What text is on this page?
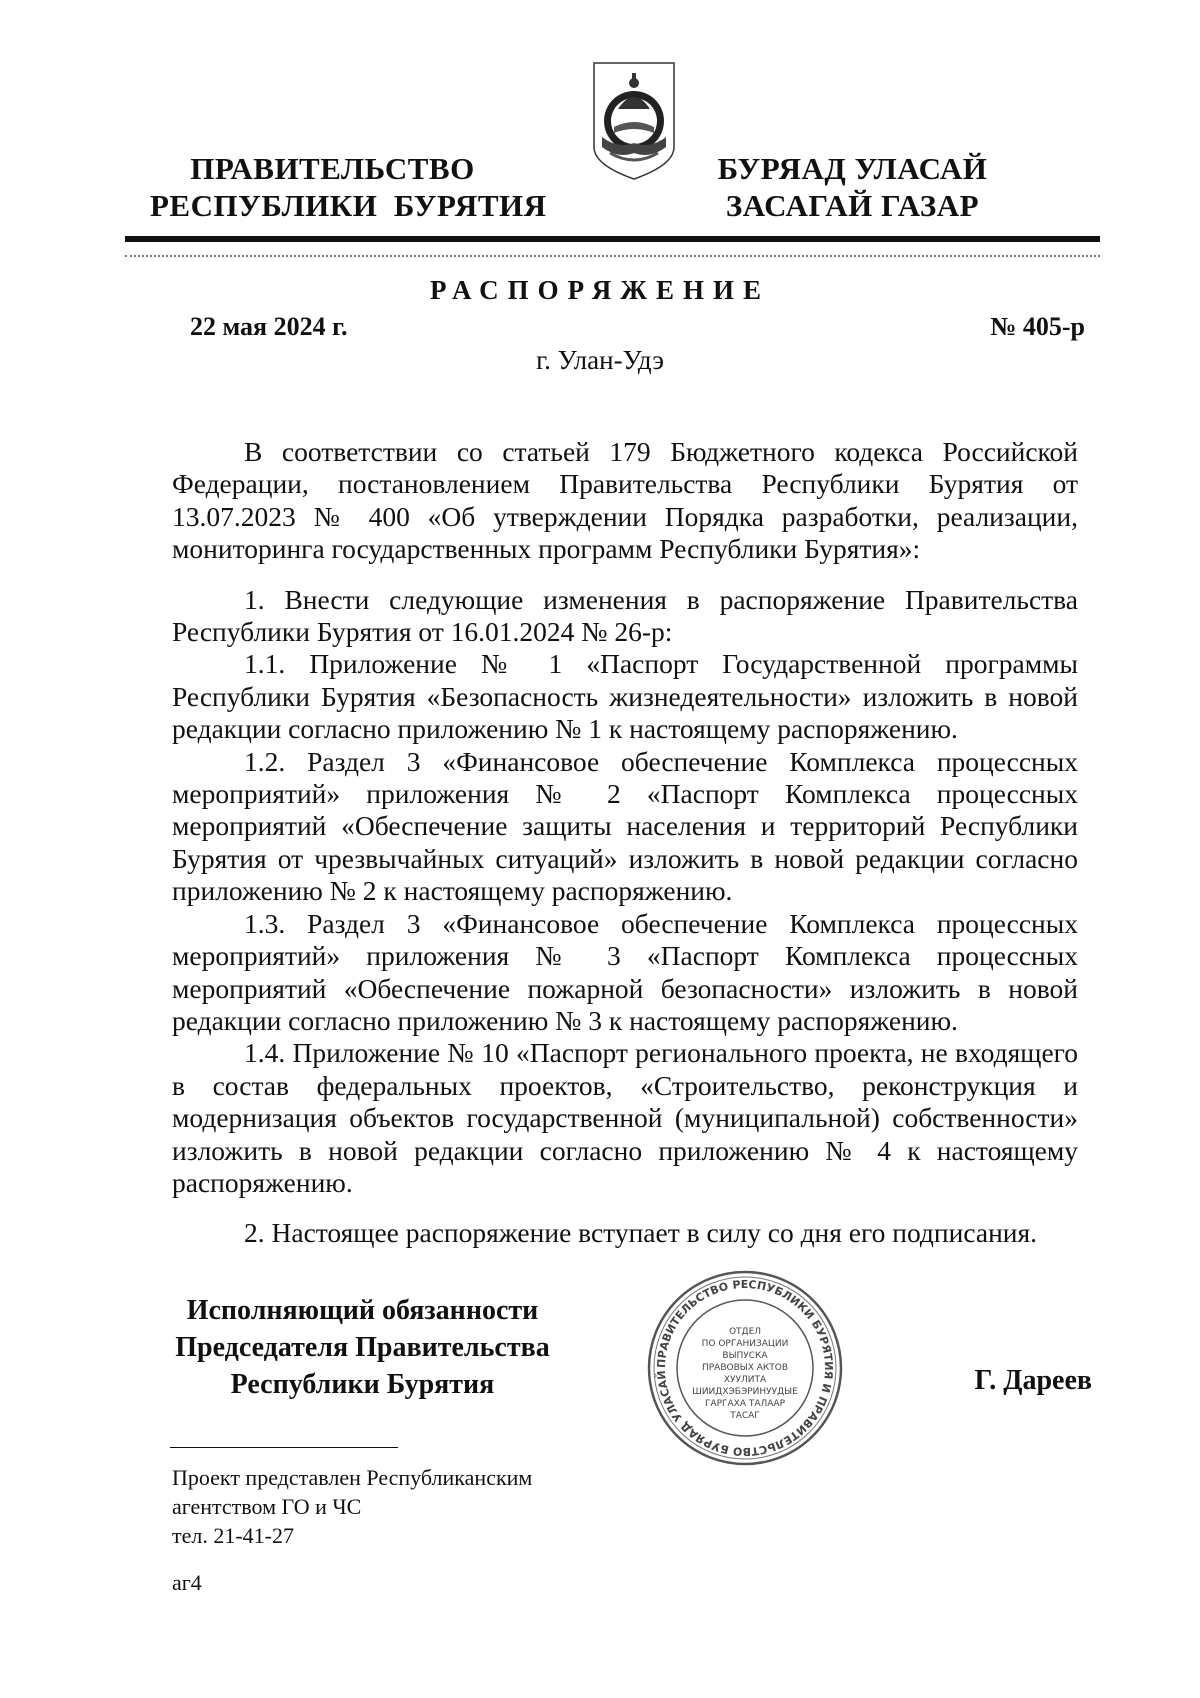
ПРАВИТЕЛЬСТВО
РЕСПУБЛИКИ  БУРЯТИЯ
БУРЯАД УЛАСАЙ
ЗАСАГАЙ ГАЗАР
РАСПОРЯЖЕНИЕ
22 мая 2024 г.	№ 405-р
г. Улан-Удэ

В соответствии со статьей 179 Бюджетного кодекса Российской Федерации, постановлением Правительства Республики Бурятия от 13.07.2023 № 400 «Об утверждении Порядка разработки, реализации, мониторинга государственных программ Республики Бурятия»:

1. Внести следующие изменения в распоряжение Правительства Республики Бурятия от 16.01.2024 № 26-р:

1.1. Приложение № 1 «Паспорт Государственной программы Республики Бурятия «Безопасность жизнедеятельности» изложить в новой редакции согласно приложению № 1 к настоящему распоряжению.

1.2. Раздел 3 «Финансовое обеспечение Комплекса процессных мероприятий» приложения № 2 «Паспорт Комплекса процессных мероприятий «Обеспечение защиты населения и территорий Республики Бурятия от чрезвычайных ситуаций» изложить в новой редакции согласно приложению № 2 к настоящему распоряжению.

1.3. Раздел 3 «Финансовое обеспечение Комплекса процессных мероприятий» приложения № 3 «Паспорт Комплекса процессных мероприятий «Обеспечение пожарной безопасности» изложить в новой редакции согласно приложению № 3 к настоящему распоряжению.

1.4. Приложение № 10 «Паспорт регионального проекта, не входящего в состав федеральных проектов, «Строительство, реконструкция и модернизация объектов государственной (муниципальной) собственности» изложить в новой редакции согласно приложению № 4 к настоящему распоряжению.

2. Настоящее распоряжение вступает в силу со дня его подписания.

Исполняющий обязанности
Председателя Правительства
Республики Бурятия
ПРАВИТЕЛЬСТВО РЕСПУБЛИКИ БУРЯТИЯ И ПРАВИТЕЛЬСТВО БУРЯАД УЛАСАЙ
ОТДЕЛ
ПО ОРГАНИЗАЦИИ
ВЫПУСКА
ПРАВОВЫХ АКТОВ
ХУУЛИТА
ШИИДХЭБЭРИНУУДЫЕ
ГАРГАХА ТАЛААР
ТАСАГ
Г. Дареев
Проект представлен Республиканским
агентством ГО и ЧС
тел. 21-41-27
аг4
